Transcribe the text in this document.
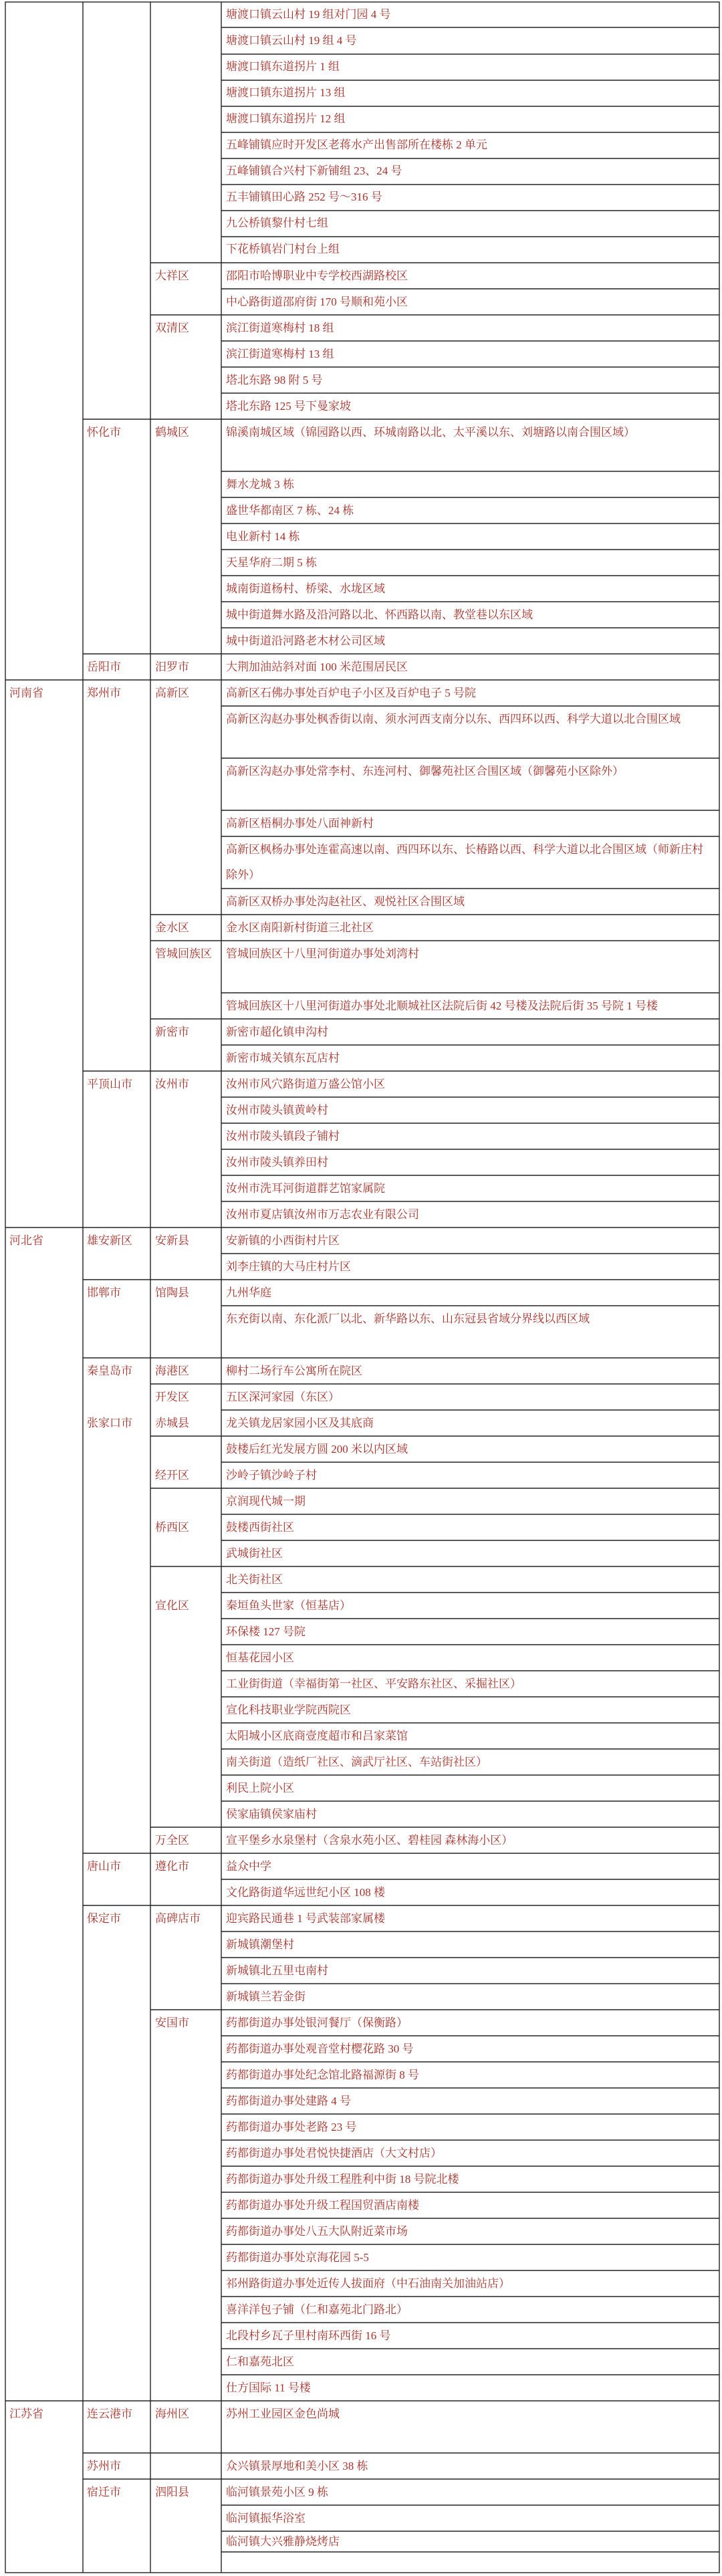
河南省
河北省
江苏省
怀化市
岳阳市
郑州市
平顶山市
雄安新区
邯郸市
秦皇岛市
张家口市
唐山市
保定市
连云港市
苏州市
宿迁市
大祥区
双清区
鹤城区
汨罗市
高新区
金水区
管城回族区
新密市
汝州市
安新县
馆陶县
海港区
开发区
赤城县
经开区
桥西区
宣化区
万全区
遵化市
高碑店市
安国市
海州区
泗阳县
塘渡口镇云山村 19 组对门园 4 号
塘渡口镇云山村 19 组 4 号
塘渡口镇东道拐片 1 组
塘渡口镇东道拐片 13 组
塘渡口镇东道拐片 12 组
五峰铺镇应时开发区老蒋水产出售部所在楼栋 2 单元
五峰铺镇合兴村下新铺组 23、24 号
五丰铺镇田心路 252 号～316 号
九公桥镇黎什村七组
下花桥镇岩门村台上组
邵阳市哈博职业中专学校西湖路校区
中心路街道邵府街 170 号顺和苑小区
滨江街道寒梅村 18 组
滨江街道寒梅村 13 组
塔北东路 98 附 5 号
塔北东路 125 号下曼家坡
锦溪南城区域（锦园路以西、环城南路以北、太平溪以东、刘塘路以南合围区域）
舞水龙城 3 栋
盛世华都南区 7 栋、24 栋
电业新村 14 栋
天星华府二期 5 栋
城南街道杨村、桥梁、水垅区域
城中街道舞水路及沿河路以北、怀西路以南、教堂巷以东区域
城中街道沿河路老木材公司区域
大荆加油站斜对面 100 米范围居民区
高新区石佛办事处百炉电子小区及百炉电子 5 号院
高新区沟赵办事处枫香街以南、须水河西支南分以东、西四环以西、科学大道以北合围区域
高新区沟赵办事处常李村、东连河村、御馨苑社区合围区域（御馨苑小区除外）
高新区梧桐办事处八面神新村
高新区枫杨办事处连霍高速以南、西四环以东、长椿路以西、科学大道以北合围区域（师新庄村除外）
高新区双桥办事处沟赵社区、观悦社区合围区域
金水区南阳新村街道三北社区
管城回族区十八里河街道办事处刘湾村
管城回族区十八里河街道办事处北顺城社区法院后街 42 号楼及法院后街 35 号院 1 号楼
新密市超化镇申沟村
新密市城关镇东瓦店村
汝州市风穴路街道万盛公馆小区
汝州市陵头镇黄岭村
汝州市陵头镇段子铺村
汝州市陵头镇养田村
汝州市洗耳河街道群艺馆家属院
汝州市夏店镇汝州市万志农业有限公司
安新镇的小西街村片区
刘李庄镇的大马庄村片区
九州华庭
东充街以南、东化派厂以北、新华路以东、山东冠县省域分界线以西区域
柳村二场行车公寓所在院区
五区深河家园（东区）
龙关镇龙居家园小区及其底商
鼓楼后红光发展方圆 200 米以内区域
沙岭子镇沙岭子村
京润现代城一期
鼓楼西街社区
武城街社区
北关街社区
秦垣鱼头世家（恒基店）
环保楼 127 号院
恒基花园小区
工业街街道（幸福街第一社区、平安路东社区、采掘社区）
宣化科技职业学院西院区
太阳城小区底商壹度超市和吕家菜馆
南关街道（造纸厂社区、滴武厅社区、车站街社区）
利民上院小区
侯家庙镇侯家庙村
宣平堡乡水泉堡村（含泉水苑小区、碧桂园 森林海小区）
益众中学
文化路街道华远世纪小区 108 楼
迎宾路民通巷 1 号武装部家属楼
新城镇潮堡村
新城镇北五里屯南村
新城镇兰若金街
药都街道办事处银河餐厅（保衡路）
药都街道办事处观音堂村樱花路 30 号
药都街道办事处纪念馆北路福源街 8 号
药都街道办事处建路 4 号
药都街道办事处老路 23 号
药都街道办事处君悦快捷酒店（大文村店）
药都街道办事处升级工程胜利中街 18 号院北楼
药都街道办事处升级工程国贸酒店南楼
药都街道办事处八五大队附近菜市场
药都街道办事处京海花园 5-5
祁州路街道办事处近传人拔面府（中石油南关加油站店）
喜洋洋包子铺（仁和嘉苑北门路北）
北段村乡瓦子里村南环西街 16 号
仁和嘉苑北区
仕方国际 11 号楼
苏州工业园区金色尚城
众兴镇景厚地和美小区 38 栋
临河镇景苑小区 9 栋
临河镇振华浴室
临河镇大兴雅静烧烤店
